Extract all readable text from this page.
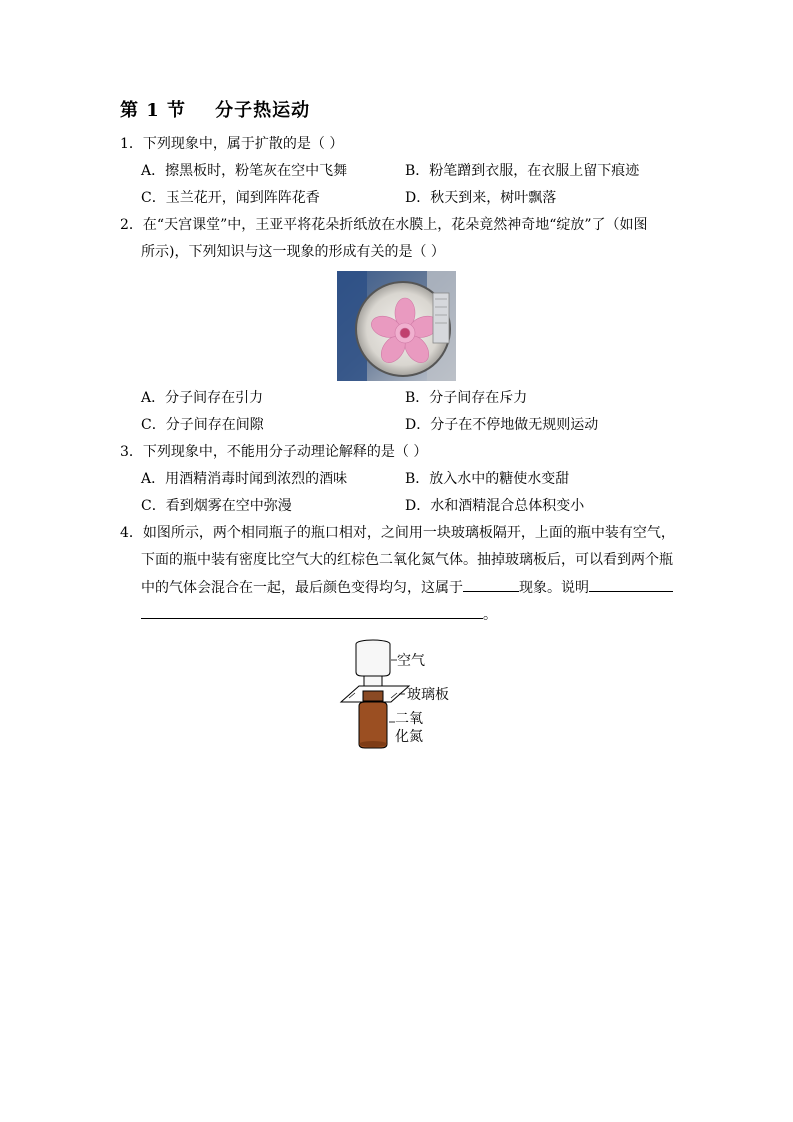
第 1 节    分子热运动
1．下列现象中，属于扩散的是（ ）
A．擦黑板时，粉笔灰在空中飞舞	B．粉笔蹭到衣服，在衣服上留下痕迹
C．玉兰花开，闻到阵阵花香	D．秋天到来，树叶飘落
2．在“天宫课堂”中，王亚平将花朵折纸放在水膜上，花朵竟然神奇地“绽放”了（如图
所示)，下列知识与这一现象的形成有关的是（ ）
A．分子间存在引力	B．分子间存在斥力
C．分子间存在间隙	D．分子在不停地做无规则运动
3．下列现象中，不能用分子动理论解释的是（ ）
A．用酒精消毒时闻到浓烈的酒味	B．放入水中的糖使水变甜
C．看到烟雾在空中弥漫	D．水和酒精混合总体积变小
4．如图所示，两个相同瓶子的瓶口相对，之间用一块玻璃板隔开，上面的瓶中装有空气，
下面的瓶中装有密度比空气大的红棕色二氧化氮气体。抽掉玻璃板后，可以看到两个瓶
中的气体会混合在一起，最后颜色变得均匀，这属于	现象。说明
。
空气
玻璃板
二氧
化氮
